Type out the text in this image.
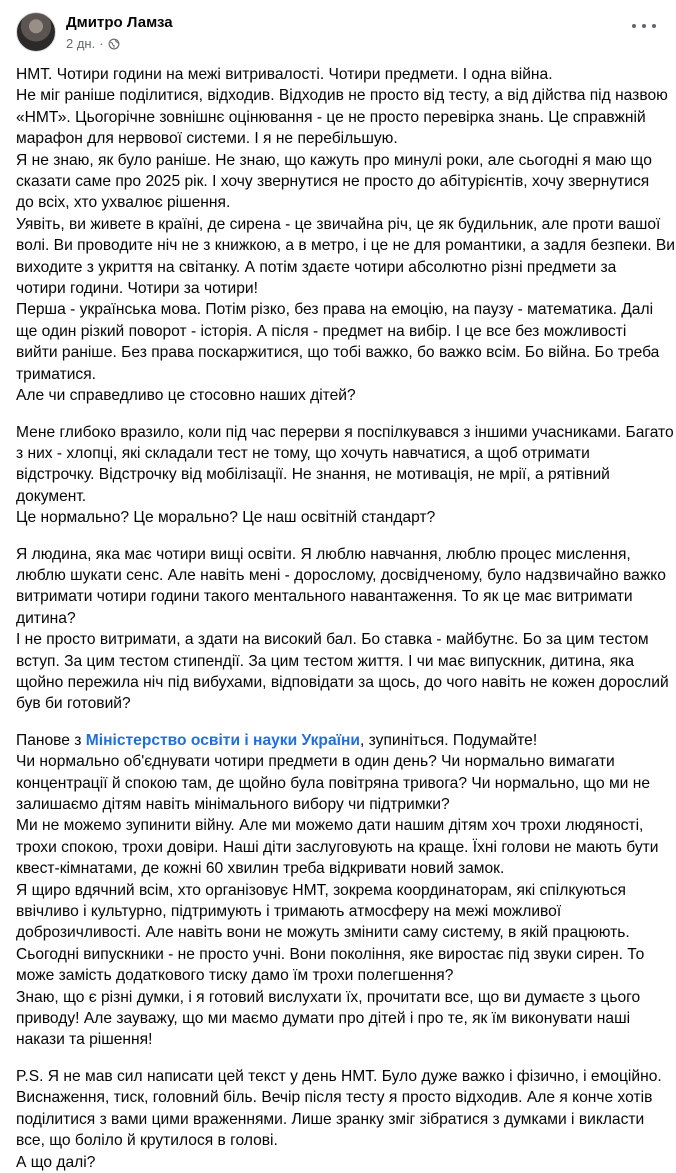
Дмитро Ламза
2 дн. ·
НМТ. Чотири години на межі витривалості. Чотири предмети. І одна війна.
Не міг раніше поділитися, відходив. Відходив не просто від тесту, а від дійства під назвою
«НМТ». Цьогорічне зовнішнє оцінювання - це не просто перевірка знань. Це справжній
марафон для нервової системи. І я не перебільшую.
Я не знаю, як було раніше. Не знаю, що кажуть про минулі роки, але сьогодні я маю що
сказати саме про 2025 рік. І хочу звернутися не просто до абітурієнтів, хочу звернутися
до всіх, хто ухвалює рішення.
Уявіть, ви живете в країні, де сирена - це звичайна річ, це як будильник, але проти вашої
волі. Ви проводите ніч не з книжкою, а в метро, і це не для романтики, а задля безпеки. Ви
виходите з укриття на світанку. А потім здаєте чотири абсолютно різні предмети за
чотири години. Чотири за чотири!
Перша - українська мова. Потім різко, без права на емоцію, на паузу - математика. Далі
ще один різкий поворот - історія. А після - предмет на вибір. І це все без можливості
вийти раніше. Без права поскаржитися, що тобі важко, бо важко всім. Бо війна. Бо треба
триматися.
Але чи справедливо це стосовно наших дітей?
Мене глибоко вразило, коли під час перерви я поспілкувався з іншими учасниками. Багато
з них - хлопці, які складали тест не тому, що хочуть навчатися, а щоб отримати
відстрочку. Відстрочку від мобілізації. Не знання, не мотивація, не мрії, а рятівний
документ.
Це нормально? Це морально? Це наш освітній стандарт?
Я людина, яка має чотири вищі освіти. Я люблю навчання, люблю процес мислення,
люблю шукати сенс. Але навіть мені - дорослому, досвідченому, було надзвичайно важко
витримати чотири години такого ментального навантаження. То як це має витримати
дитина?
І не просто витримати, а здати на високий бал. Бо ставка - майбутнє. Бо за цим тестом
вступ. За цим тестом стипендії. За цим тестом життя. І чи має випускник, дитина, яка
щойно пережила ніч під вибухами, відповідати за щось, до чого навіть не кожен дорослий
був би готовий?
Панове з Міністерство освіти і науки України, зупиніться. Подумайте!
Чи нормально об'єднувати чотири предмети в один день? Чи нормально вимагати
концентрації й спокою там, де щойно була повітряна тривога? Чи нормально, що ми не
залишаємо дітям навіть мінімального вибору чи підтримки?
Ми не можемо зупинити війну. Але ми можемо дати нашим дітям хоч трохи людяності,
трохи спокою, трохи довіри. Наші діти заслуговують на краще. Їхні голови не мають бути
квест-кімнатами, де кожні 60 хвилин треба відкривати новий замок.
Я щиро вдячний всім, хто організовує НМТ, зокрема координаторам, які спілкуються
ввічливо і культурно, підтримують і тримають атмосферу на межі можливої
доброзичливості. Але навіть вони не можуть змінити саму систему, в якій працюють.
Сьогодні випускники - не просто учні. Вони покоління, яке виростає під звуки сирен. То
може замість додаткового тиску дамо їм трохи полегшення?
Знаю, що є різні думки, і я готовий вислухати їх, прочитати все, що ви думаєте з цього
приводу! Але зауважу, що ми маємо думати про дітей і про те, як їм виконувати наші
накази та рішення!
P.S. Я не мав сил написати цей текст у день НМТ. Було дуже важко і фізично, і емоційно.
Виснаження, тиск, головний біль. Вечір після тесту я просто відходив. Але я конче хотів
поділитися з вами цими враженнями. Лише зранку зміг зібратися з думками і викласти
все, що боліло й крутилося в голові.
А що далі?
